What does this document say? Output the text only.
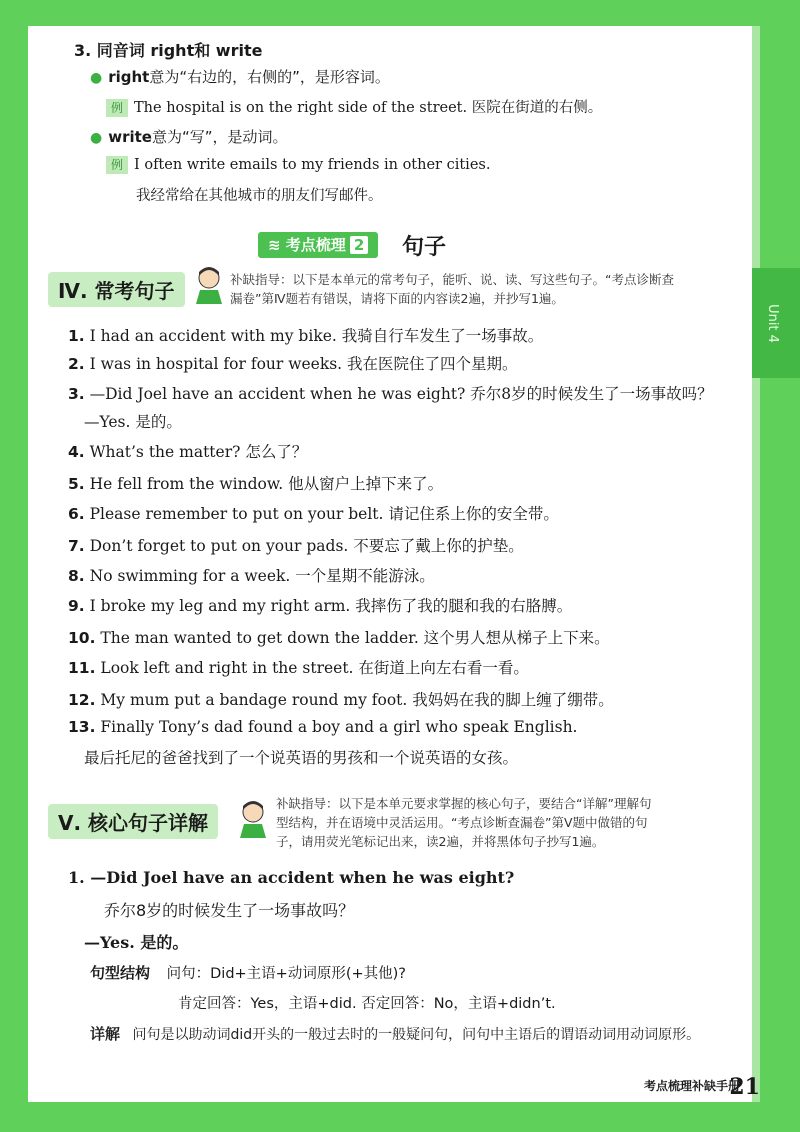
Unit 4
3. 同音词 right和 write
● right意为“右边的，右侧的”，是形容词。
例 The hospital is on the right side of the street. 医院在街道的右侧。
● write意为“写”，是动词。
例 I often write emails to my friends in other cities.
我经常给在其他城市的朋友们写邮件。
≋ 考点梳理 2	句子
Ⅳ. 常考句子	补缺指导：以下是本单元的常考句子，能听、说、读、写这些句子。“考点诊断查
漏卷”第Ⅳ题若有错误，请将下面的内容读2遍，并抄写1遍。
1. I had an accident with my bike. 我骑自行车发生了一场事故。
2. I was in hospital for four weeks. 我在医院住了四个星期。
3. —Did Joel have an accident when he was eight? 乔尔8岁的时候发生了一场事故吗？
—Yes. 是的。
4. What’s the matter? 怎么了？
5. He fell from the window. 他从窗户上掉下来了。
6. Please remember to put on your belt. 请记住系上你的安全带。
7. Don’t forget to put on your pads. 不要忘了戴上你的护垫。
8. No swimming for a week. 一个星期不能游泳。
9. I broke my leg and my right arm. 我摔伤了我的腿和我的右胳膊。
10. The man wanted to get down the ladder. 这个男人想从梯子上下来。
11. Look left and right in the street. 在街道上向左右看一看。
12. My mum put a bandage round my foot. 我妈妈在我的脚上缠了绷带。
13. Finally Tony’s dad found a boy and a girl who speak English.
最后托尼的爸爸找到了一个说英语的男孩和一个说英语的女孩。
Ⅴ. 核心句子详解
补缺指导：以下是本单元要求掌握的核心句子，要结合“详解”理解句
型结构，并在语境中灵活运用。“考点诊断查漏卷”第Ⅴ题中做错的句
子，请用荧光笔标记出来，读2遍，并将黑体句子抄写1遍。
1. —Did Joel have an accident when he was eight?
乔尔8岁的时候发生了一场事故吗？
—Yes. 是的。
句型结构 问句：Did+主语+动词原形(+其他)?
肯定回答：Yes，主语+did. 否定回答：No，主语+didn’t.
详解 问句是以助动词did开头的一般过去时的一般疑问句，问句中主语后的谓语动词用动词原形。
考点梳理补缺手册
21
